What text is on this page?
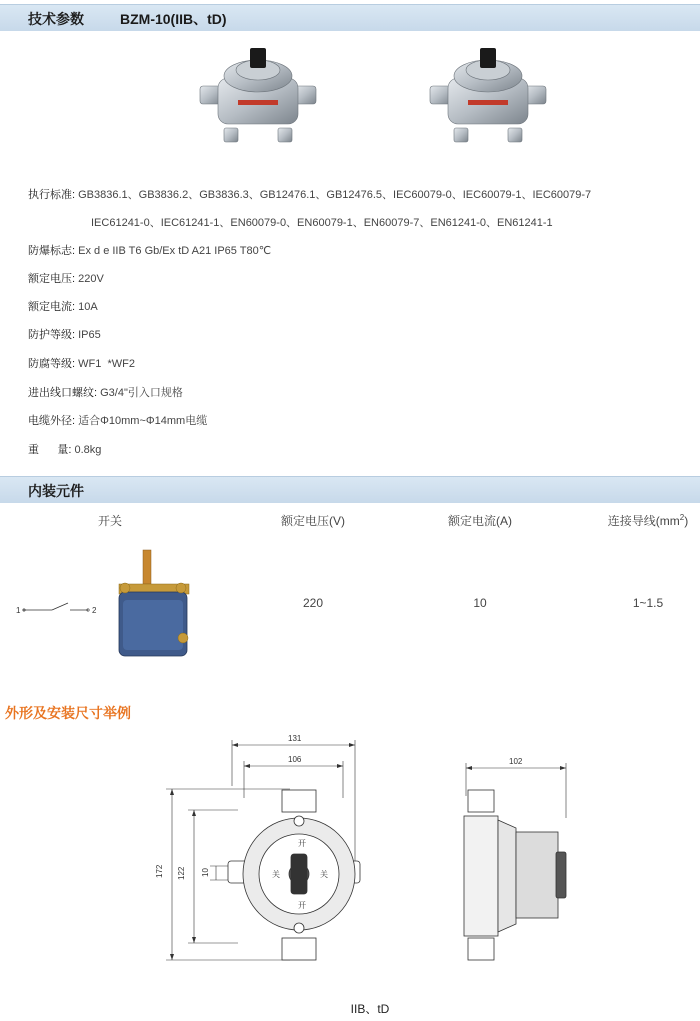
技术参数	BZM-10(IIB、tD)
执行标准: GB3836.1、GB3836.2、GB3836.3、GB12476.1、GB12476.5、IEC60079-0、IEC60079-1、IEC60079-7
IEC61241-0、IEC61241-1、EN60079-0、EN60079-1、EN60079-7、EN61241-0、EN61241-1
防爆标志: Ex d e IIB T6 Gb/Ex tD A21 IP65 T80℃
额定电压: 220V
额定电流: 10A
防护等级: IP65
防腐等级: WF1  *WF2
进出线口螺纹: G3/4"引入口规格
电缆外径: 适合Φ10mm~Φ14mm电缆
重      量: 0.8kg
内装元件
开关	额定电压(V)	额定电流(A)	连接导线$(mm^2)$
1	2
220	10	1~1.5
外形及安装尺寸举例
131
106	102
172 122 10
开
关	关
开
IIB、tD
